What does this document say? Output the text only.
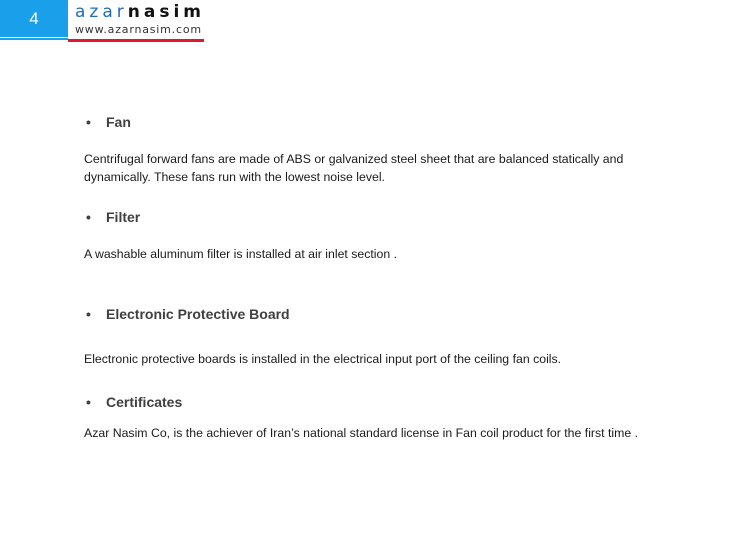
4 azarnasim
www.azarnasim.com
•	Fan
Centrifugal forward fans are made of ABS or galvanized steel sheet that are balanced statically and dynamically. These fans run with the lowest noise level.
•	Filter
A washable aluminum filter is installed at air inlet section .
•	Electronic Protective Board
Electronic protective boards is installed in the electrical input port of the ceiling fan coils.
•	Certificates
Azar Nasim Co, is the achiever of Iran’s national standard license in Fan coil product for the first time .
